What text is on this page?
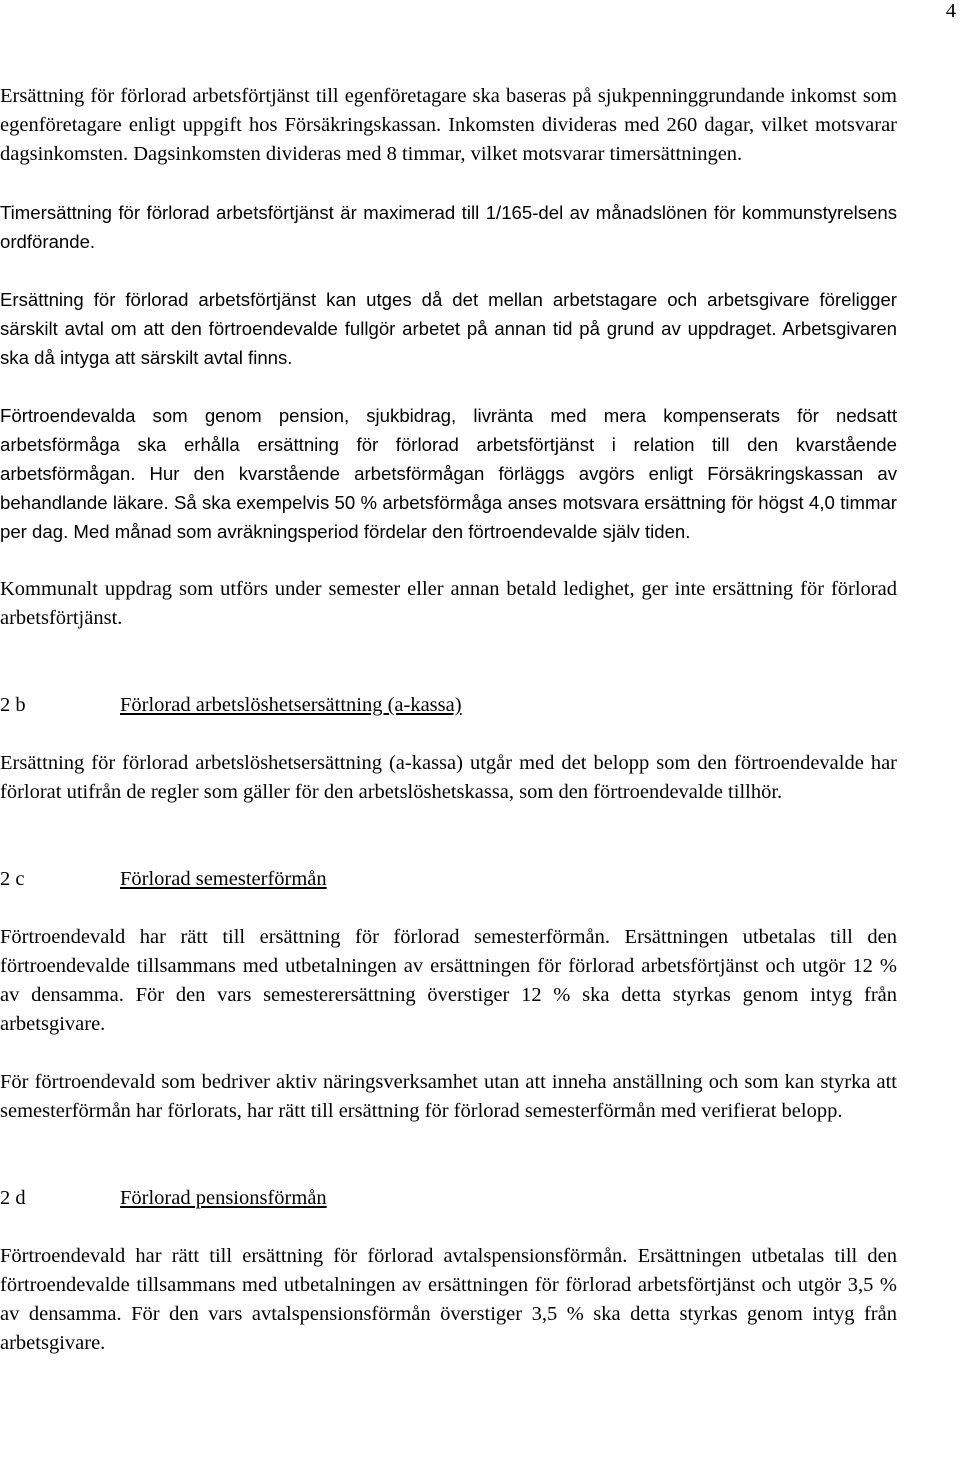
4

Ersättning för förlorad arbetsförtjänst till egenföretagare ska baseras på sjukpenninggrundande inkomst som egenföretagare enligt uppgift hos Försäkringskassan. Inkomsten divideras med 260 dagar, vilket motsvarar dagsinkomsten. Dagsinkomsten divideras med 8 timmar, vilket motsvarar timersättningen.

Timersättning för förlorad arbetsförtjänst är maximerad till 1/165-del av månadslönen för kommunstyrelsens ordförande.

Ersättning för förlorad arbetsförtjänst kan utges då det mellan arbetstagare och arbetsgivare föreligger särskilt avtal om att den förtroendevalde fullgör arbetet på annan tid på grund av uppdraget. Arbetsgivaren ska då intyga att särskilt avtal finns.

Förtroendevalda som genom pension, sjukbidrag, livränta med mera kompenserats för nedsatt arbetsförmåga ska erhålla ersättning för förlorad arbetsförtjänst i relation till den kvarstående arbetsförmågan. Hur den kvarstående arbetsförmågan förläggs avgörs enligt Försäkringskassan av behandlande läkare. Så ska exempelvis 50 % arbetsförmåga anses motsvara ersättning för högst 4,0 timmar per dag. Med månad som avräkningsperiod fördelar den förtroendevalde själv tiden.

Kommunalt uppdrag som utförs under semester eller annan betald ledighet, ger inte ersättning för förlorad arbetsförtjänst.

2 b	Förlorad arbetslöshetsersättning (a-kassa)

Ersättning för förlorad arbetslöshetsersättning (a-kassa) utgår med det belopp som den förtroendevalde har förlorat utifrån de regler som gäller för den arbetslöshetskassa, som den förtroendevalde tillhör.

2 c	Förlorad semesterförmån

Förtroendevald har rätt till ersättning för förlorad semesterförmån. Ersättningen utbetalas till den förtroendevalde tillsammans med utbetalningen av ersättningen för förlorad arbetsförtjänst och utgör 12 % av densamma. För den vars semesterersättning överstiger 12 % ska detta styrkas genom intyg från arbetsgivare.

För förtroendevald som bedriver aktiv näringsverksamhet utan att inneha anställning och som kan styrka att semesterförmån har förlorats, har rätt till ersättning för förlorad semesterförmån med verifierat belopp.

2 d	Förlorad pensionsförmån

Förtroendevald har rätt till ersättning för förlorad avtalspensionsförmån. Ersättningen utbetalas till den förtroendevalde tillsammans med utbetalningen av ersättningen för förlorad arbetsförtjänst och utgör 3,5 % av densamma. För den vars avtalspensionsförmån överstiger 3,5 % ska detta styrkas genom intyg från arbetsgivare.
